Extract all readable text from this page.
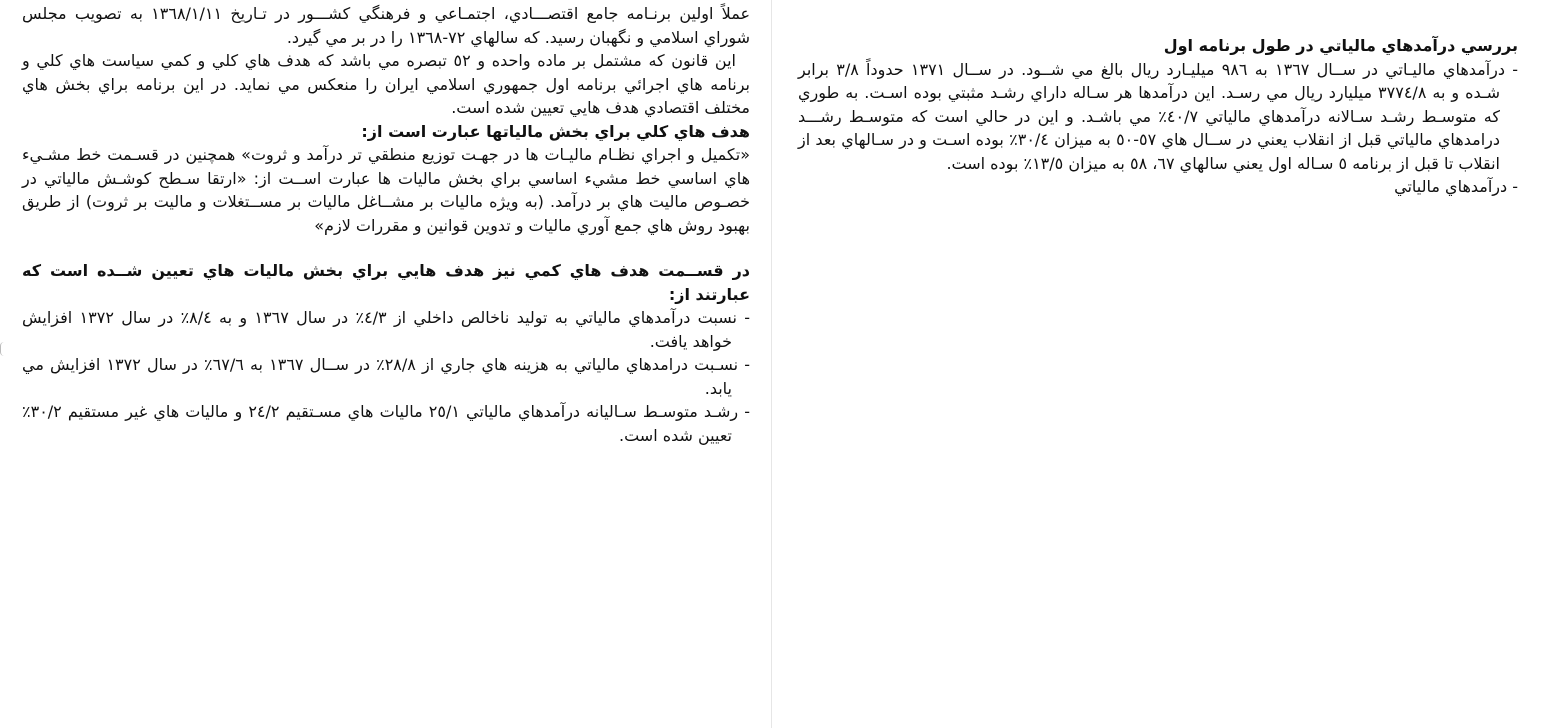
بررسي درآمدهاي مالياتي در طول برنامه اول

- درآمدهاي ماليـاتي در ســال ١٣٦٧ به ٩٨٦ ميليـارد ريال بالغ مي شــود. در ســال ١٣٧١ حدوداً ٣/٨ برابر شـده و به ٣٧٧٤/٨ ميليارد ريال مي رسـد. اين درآمدها هر سـاله داراي رشـد مثبتي بوده اسـت. به طوري كه متوسـط رشـد سـالانه درآمدهاي مالياتي ٤٠/٧٪ مي باشـد. و اين در حالي است كه متوسـط رشـــد درامدهاي مالياتي قبل از انقلاب يعني در ســال هاي ٥٧-٥٠ به ميزان ٣٠/٤٪ بوده اسـت و در سـالهاي بعد از انقلاب تا قبل از برنامه ٥ سـاله اول يعني سالهاي ٦٧، ٥٨ به ميزان ١٣/٥٪ بوده است.

- درآمدهاي مالياتي

عملاً اولين برنـامه جامع اقتصـــادي، اجتمـاعي و فرهنگي كشـــور در تـاريخ ١٣٦٨/١/١١ به تصويب مجلس شوراي اسلامي و نگهبان رسيد. كه سالهاي ٧٢-١٣٦٨ را در بر مي گيرد.

اين قانون كه مشتمل بر ماده واحده و ٥٢ تبصره مي باشد كه هدف هاي كلي و كمي سياست هاي كلي و برنامه هاي اجرائي برنامه اول جمهوري اسلامي ايران را منعكس مي نمايد. در اين برنامه براي بخش هاي مختلف اقتصادي هدف هايي تعيين شده است.

هدف هاي كلي براي بخش مالياتها عبارت است از:

«تكميل و اجراي نظـام ماليـات ها در جهـت توزيع منطقي تر درآمد و ثروت» همچنين در قسـمت خط مشـيء هاي اساسي خط مشيء اساسي براي بخش ماليات ها عبارت اســت از: «ارتقا سـطح كوشـش مالياتي در خصـوص ماليت هاي بر درآمد. (به ويژه ماليات بر مشــاغل ماليات بر مســتغلات و ماليت بر ثروت) از طريق بهبود روش هاي جمع آوري ماليات و تدوين قوانين و مقررات لازم»

در قســمت هدف هاي كمي نيز هدف هايي براي بخش ماليات هاي تعيين شــده است كه عبارتند از:

- نسبت درآمدهاي مالياتي به توليد ناخالص داخلي از ٤/٣٪ در سال ١٣٦٧ و به ٨/٤٪ در سال ١٣٧٢ افزايش خواهد يافت.

- نسـبت درامدهاي مالياتي به هزينه هاي جاري از ٢٨/٨٪ در ســال ١٣٦٧ به ٦٧/٦٪ در سال ١٣٧٢ افزايش مي يابد.

- رشـد متوسـط سـاليانه درآمدهاي مالياتي ٢٥/١ ماليات هاي مسـتقيم ٢٤/٢ و ماليات هاي غير مستقيم ٣٠/٢٪ تعيين شده است.
